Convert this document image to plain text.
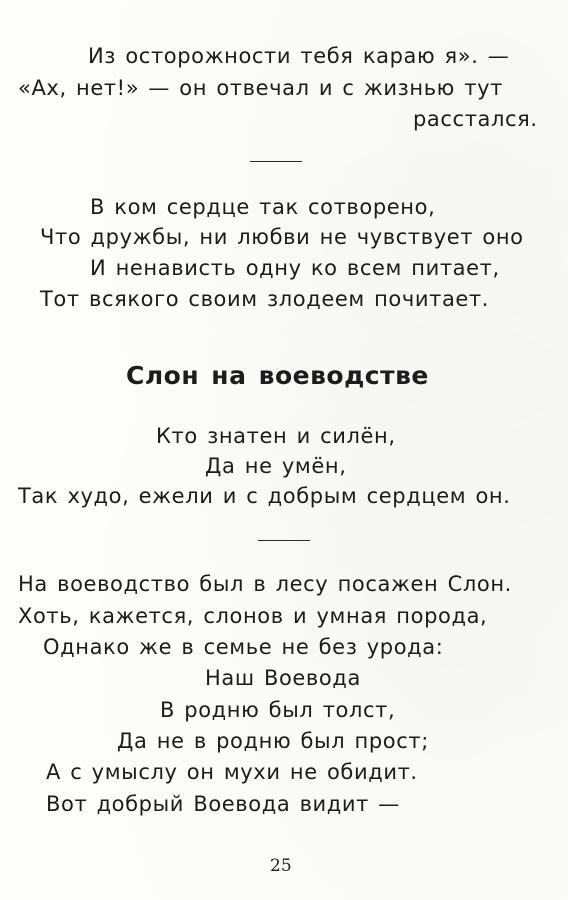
Из осторожности тебя караю я». —
«Ах, нет!» — он отвечал и с жизнью тут
расстался.
В ком сердце так сотворено,
Что дружбы, ни любви не чувствует оно
И ненависть одну ко всем питает,
Тот всякого своим злодеем почитает.
Слон на воеводстве
Кто знатен и силён,
Да не умён,
Так худо, ежели и с добрым сердцем он.
На воеводство был в лесу посажен Слон.
Хоть, кажется, слонов и умная порода,
Однако же в семье не без урода:
Наш Воевода
В родню был толст,
Да не в родню был прост;
А с умыслу он мухи не обидит.
Вот добрый Воевода видит —
25
